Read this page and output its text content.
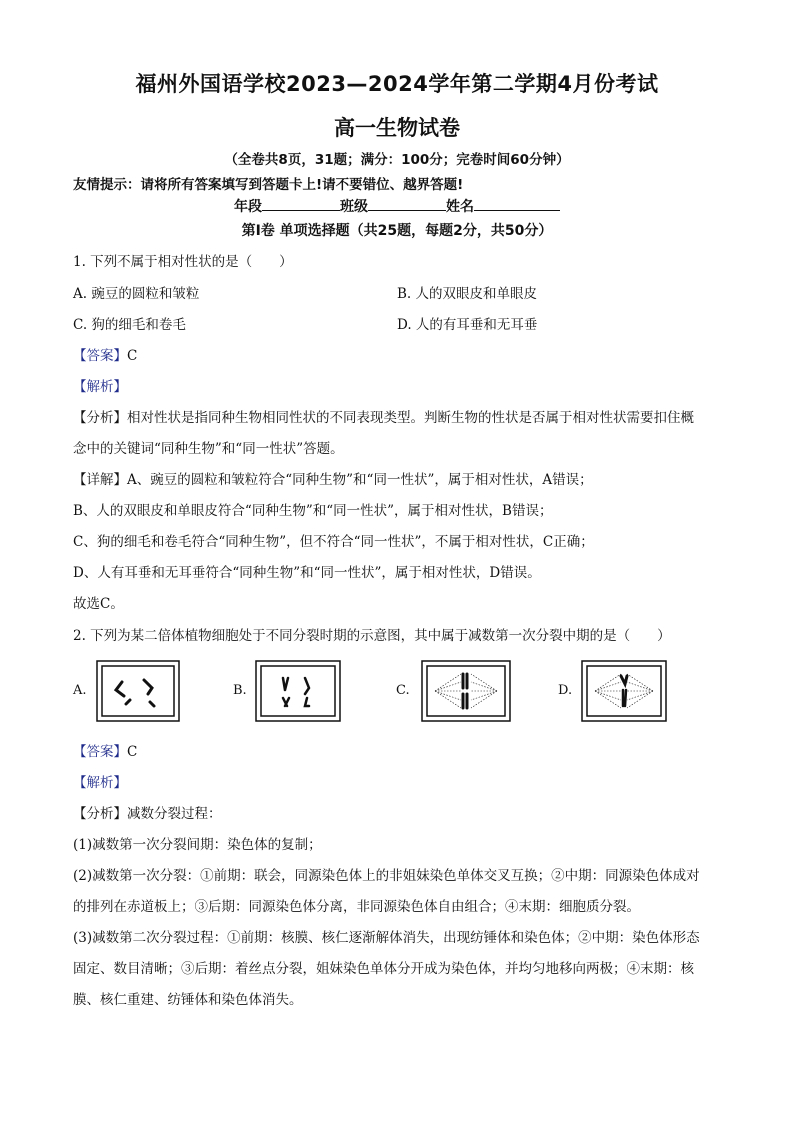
福州外国语学校2023—2024学年第二学期4月份考试
高一生物试卷
（全卷共8页，31题；满分：100分；完卷时间60分钟）
友情提示：请将所有答案填写到答题卡上!请不要错位、越界答题!
年段	班级	姓名
第I卷 单项选择题（共25题，每题2分，共50分）
1. 下列不属于相对性状的是（　　）
A. 豌豆的圆粒和皱粒	B. 人的双眼皮和单眼皮
C. 狗的细毛和卷毛	D. 人的有耳垂和无耳垂
【答案】C
【解析】
【分析】相对性状是指同种生物相同性状的不同表现类型。判断生物的性状是否属于相对性状需要扣住概
念中的关键词“同种生物”和“同一性状”答题。
【详解】A、豌豆的圆粒和皱粒符合“同种生物”和“同一性状”，属于相对性状，A错误；
B、人的双眼皮和单眼皮符合“同种生物”和“同一性状”，属于相对性状，B错误；
C、狗的细毛和卷毛符合“同种生物”，但不符合“同一性状”，不属于相对性状，C正确；
D、人有耳垂和无耳垂符合“同种生物”和“同一性状”，属于相对性状，D错误。
故选C。
2. 下列为某二倍体植物细胞处于不同分裂时期的示意图，其中属于减数第一次分裂中期的是（　　）
A.	B.	C.	D.
【答案】C
【解析】
【分析】减数分裂过程：
(1)减数第一次分裂间期：染色体的复制；
(2)减数第一次分裂：①前期：联会，同源染色体上的非姐妹染色单体交叉互换；②中期：同源染色体成对
的排列在赤道板上；③后期：同源染色体分离，非同源染色体自由组合；④末期：细胞质分裂。
(3)减数第二次分裂过程：①前期：核膜、核仁逐渐解体消失，出现纺锤体和染色体；②中期：染色体形态
固定、数目清晰；③后期：着丝点分裂，姐妹染色单体分开成为染色体，并均匀地移向两极；④末期：核
膜、核仁重建、纺锤体和染色体消失。
